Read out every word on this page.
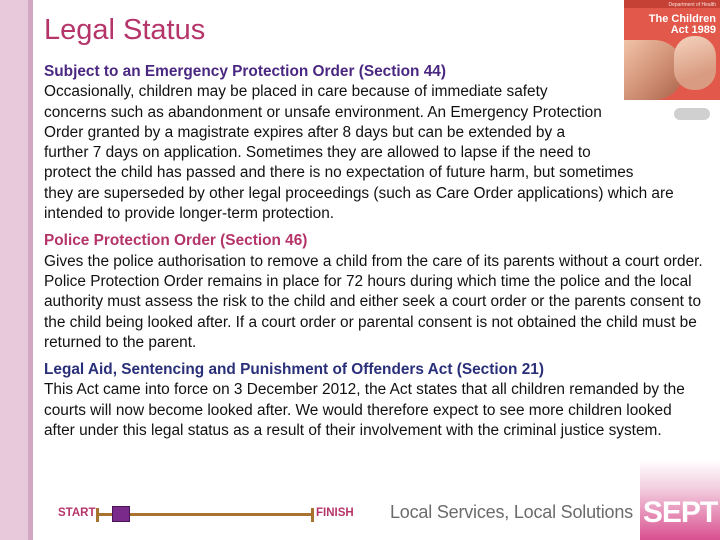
Legal Status
Department of Health
The Children
Act 1989
Subject to an Emergency Protection Order (Section 44)
Occasionally, children may be placed in care because of immediate safety concerns such as abandonment or unsafe environment. An Emergency Protection Order granted by a magistrate expires after 8 days but can be extended by a further 7 days on application. Sometimes they are allowed to lapse if the need to protect the child has passed and there is no expectation of future harm, but sometimes they are superseded by other legal proceedings (such as Care Order applications) which are intended to provide longer-term protection.
Police Protection Order (Section 46)
Gives the police authorisation to remove a child from the care of its parents without a court order. Police Protection Order remains in place for 72 hours during which time the police and the local authority must assess the risk to the child and either seek a court order or the parents consent to the child being looked after. If a court order or parental consent is not obtained the child must be returned to the parent.
Legal Aid, Sentencing and Punishment of Offenders Act (Section 21)
This Act came into force on 3 December 2012, the Act states that all children remanded by the courts will now become looked after. We would therefore expect to see more children looked after under this legal status as a result of their involvement with the criminal justice system.
START	FINISH Local Services, Local Solutions SEPT
